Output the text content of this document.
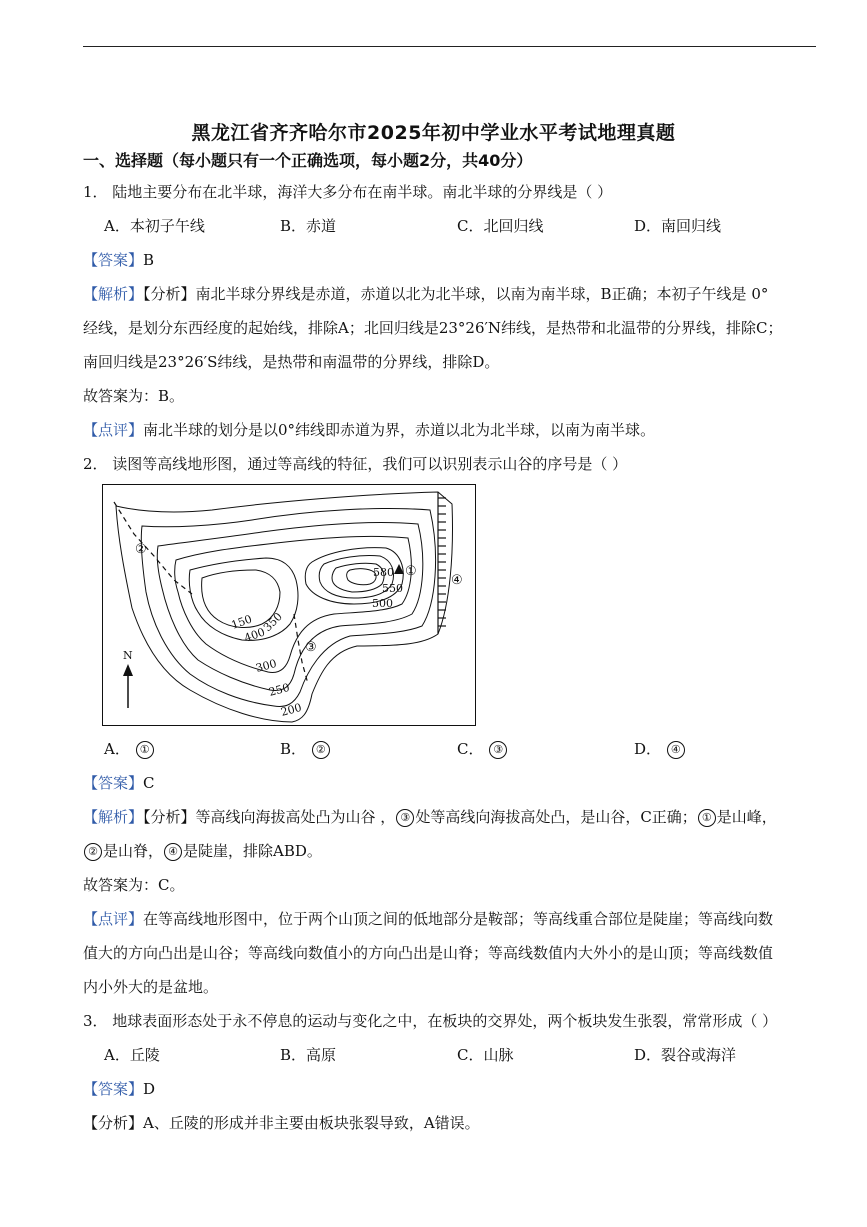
黑龙江省齐齐哈尔市2025年初中学业水平考试地理真题
一、选择题（每小题只有一个正确选项，每小题2分，共40分）
1． 陆地主要分布在北半球，海洋大多分布在南半球。南北半球的分界线是（ ）
A．本初子午线	B．赤道	C．北回归线	D．南回归线
【答案】B
【解析】【分析】南北半球分界线是赤道，赤道以北为北半球，以南为南半球，B正确；本初子午线是 0°
经线，是划分东西经度的起始线，排除A；北回归线是23°26′N纬线，是热带和北温带的分界线，排除C；
南回归线是23°26′S纬线，是热带和南温带的分界线，排除D。
故答案为：B。
【点评】南北半球的划分是以0°纬线即赤道为界，赤道以北为北半球，以南为南半球。
2． 读图等高线地形图，通过等高线的特征，我们可以识别表示山谷的序号是（ ）
N
150
400
350
300
250
200
580
550
500
①
②
③
④
A． ①	B． ②	C． ③	D． ④
【答案】C
【解析】【分析】等高线向海拔高处凸为山谷 ， ③ 处等高线向海拔高处凸，是山谷，C正确； ① 是山峰，
② 是山脊， ④ 是陡崖，排除ABD。
故答案为：C。
【点评】在等高线地形图中，位于两个山顶之间的低地部分是鞍部；等高线重合部位是陡崖；等高线向数
值大的方向凸出是山谷；等高线向数值小的方向凸出是山脊；等高线数值内大外小的是山顶；等高线数值
内小外大的是盆地。
3． 地球表面形态处于永不停息的运动与变化之中，在板块的交界处，两个板块发生张裂，常常形成（ ）
A．丘陵	B．高原	C．山脉	D．裂谷或海洋
【答案】D
【分析】A、丘陵的形成并非主要由板块张裂导致，A错误。
